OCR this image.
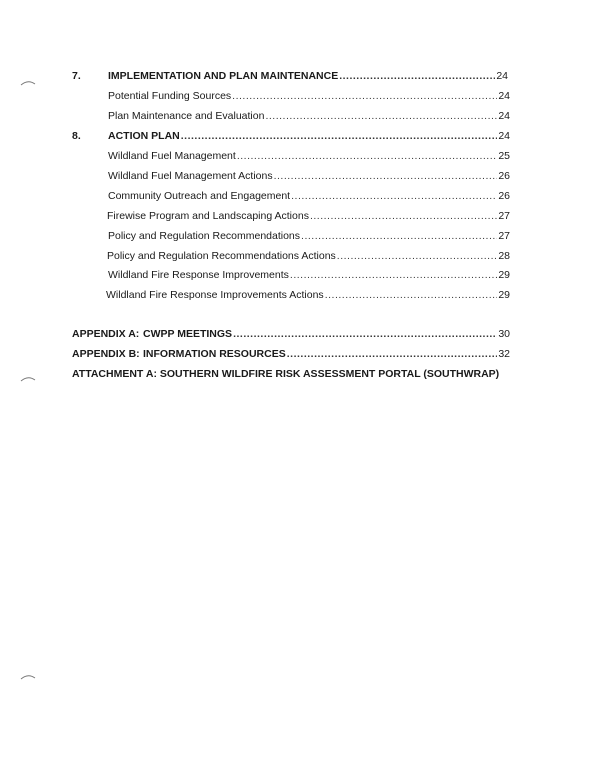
7.	IMPLEMENTATION AND PLAN MAINTENANCE .....	24
Potential Funding Sources .....	24
Plan Maintenance and Evaluation .....	24
8.	ACTION PLAN .....	24
Wildland Fuel Management .....	25
Wildland Fuel Management Actions .....	26
Community Outreach and Engagement .....	26
Firewise Program and Landscaping Actions .....	27
Policy and Regulation Recommendations .....	27
Policy and Regulation Recommendations Actions .....	28
Wildland Fire Response Improvements .....	29
Wildland Fire Response Improvements Actions .....	29
APPENDIX A: CWPP MEETINGS .....	30
APPENDIX B: INFORMATION RESOURCES .....	32
ATTACHMENT A: SOUTHERN WILDFIRE RISK ASSESSMENT PORTAL (SOUTHWRAP)
